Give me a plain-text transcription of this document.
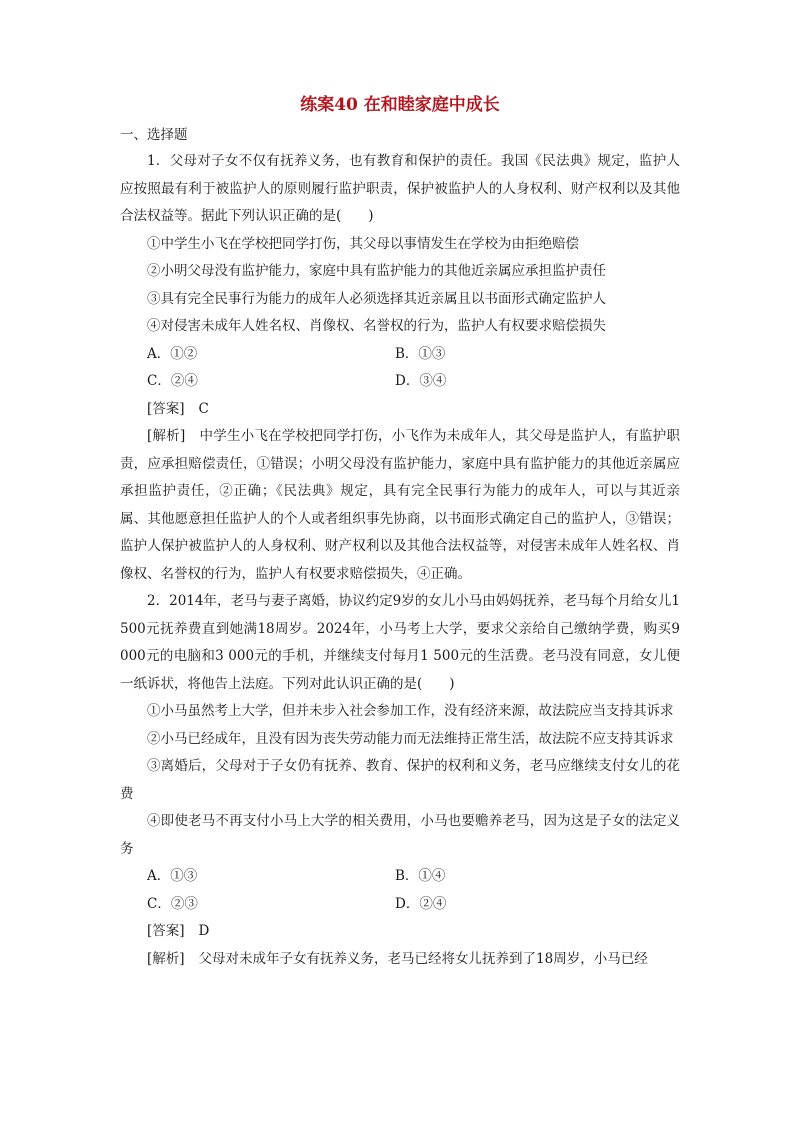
练案40 在和睦家庭中成长

一、选择题

1．父母对子女不仅有抚养义务，也有教育和保护的责任。我国《民法典》规定，监护人应按照最有利于被监护人的原则履行监护职责，保护被监护人的人身权利、财产权利以及其他合法权益等。据此下列认识正确的是(　　)

①中学生小飞在学校把同学打伤，其父母以事情发生在学校为由拒绝赔偿

②小明父母没有监护能力，家庭中具有监护能力的其他近亲属应承担监护责任

③具有完全民事行为能力的成年人必须选择其近亲属且以书面形式确定监护人

④对侵害未成年人姓名权、肖像权、名誉权的行为，监护人有权要求赔偿损失

A．①②	B．①③
C．②④	D．③④

[答案] C

[解析] 中学生小飞在学校把同学打伤，小飞作为未成年人，其父母是监护人，有监护职责，应承担赔偿责任，①错误；小明父母没有监护能力，家庭中具有监护能力的其他近亲属应承担监护责任，②正确；《民法典》规定，具有完全民事行为能力的成年人，可以与其近亲属、其他愿意担任监护人的个人或者组织事先协商，以书面形式确定自己的监护人，③错误；监护人保护被监护人的人身权利、财产权利以及其他合法权益等，对侵害未成年人姓名权、肖像权、名誉权的行为，监护人有权要求赔偿损失，④正确。

2．2014年，老马与妻子离婚，协议约定9岁的女儿小马由妈妈抚养，老马每个月给女儿1 500元抚养费直到她满18周岁。2024年，小马考上大学，要求父亲给自己缴纳学费，购买9 000元的电脑和3 000元的手机，并继续支付每月1 500元的生活费。老马没有同意，女儿便一纸诉状，将他告上法庭。下列对此认识正确的是(　　)

①小马虽然考上大学，但并未步入社会参加工作，没有经济来源，故法院应当支持其诉求

②小马已经成年，且没有因为丧失劳动能力而无法维持正常生活，故法院不应支持其诉求

③离婚后，父母对于子女仍有抚养、教育、保护的权利和义务，老马应继续支付女儿的花费

④即使老马不再支付小马上大学的相关费用，小马也要赡养老马，因为这是子女的法定义务

A．①③	B．①④
C．②③	D．②④

[答案] D

[解析] 父母对未成年子女有抚养义务，老马已经将女儿抚养到了18周岁，小马已经
